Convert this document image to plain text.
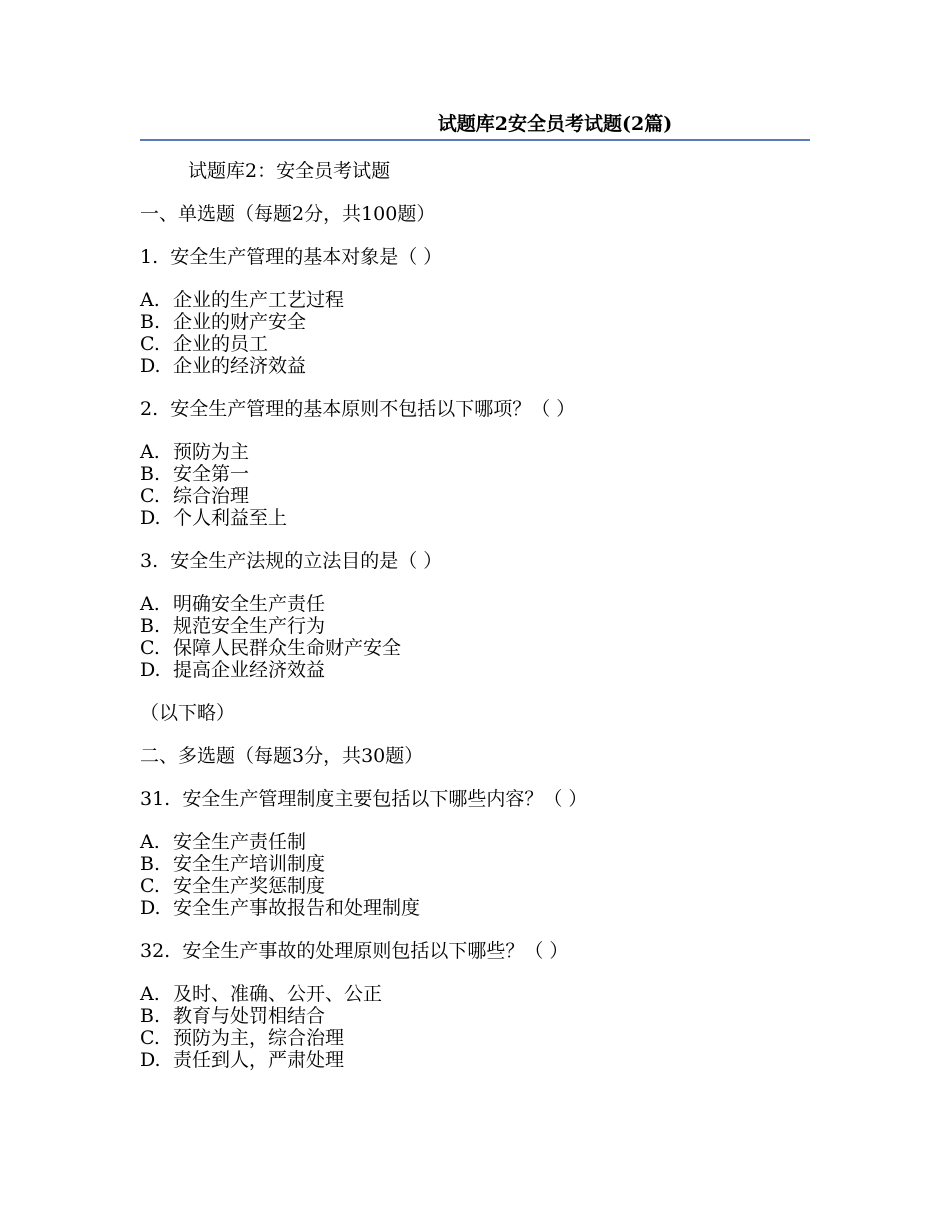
试题库2安全员考试题(2篇)
试题库2：安全员考试题
一、单选题（每题2分，共100题）
1. 安全生产管理的基本对象是（ ）
A. 企业的生产工艺过程
B. 企业的财产安全
C. 企业的员工
D. 企业的经济效益
2. 安全生产管理的基本原则不包括以下哪项？（ ）
A. 预防为主
B. 安全第一
C. 综合治理
D. 个人利益至上
3. 安全生产法规的立法目的是（ ）
A. 明确安全生产责任
B. 规范安全生产行为
C. 保障人民群众生命财产安全
D. 提高企业经济效益
（以下略）
二、多选题（每题3分，共30题）
31. 安全生产管理制度主要包括以下哪些内容？（ ）
A. 安全生产责任制
B. 安全生产培训制度
C. 安全生产奖惩制度
D. 安全生产事故报告和处理制度
32. 安全生产事故的处理原则包括以下哪些？（ ）
A. 及时、准确、公开、公正
B. 教育与处罚相结合
C. 预防为主，综合治理
D. 责任到人，严肃处理
